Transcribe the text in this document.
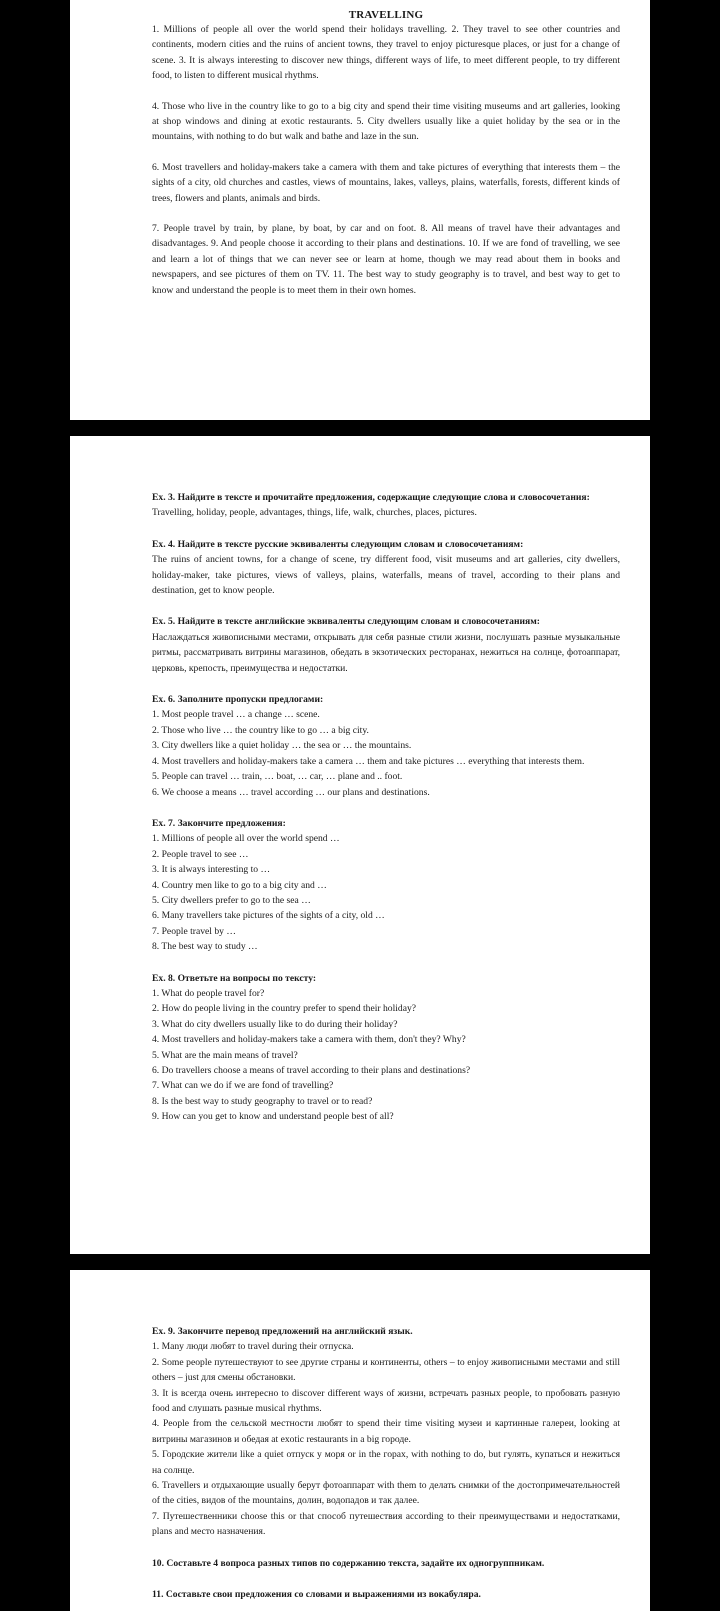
TRAVELLING

1. Millions of people all over the world spend their holidays travelling. 2. They travel to see other countries and continents, modern cities and the ruins of ancient towns, they travel to enjoy picturesque places, or just for a change of scene. 3. It is always interesting to discover new things, different ways of life, to meet different people, to try different food, to listen to different musical rhythms.

4. Those who live in the country like to go to a big city and spend their time visiting museums and art galleries, looking at shop windows and dining at exotic restaurants. 5. City dwellers usually like a quiet holiday by the sea or in the mountains, with nothing to do but walk and bathe and laze in the sun.

6. Most travellers and holiday-makers take a camera with them and take pictures of everything that interests them – the sights of a city, old churches and castles, views of mountains, lakes, valleys, plains, waterfalls, forests, different kinds of trees, flowers and plants, animals and birds.

7. People travel by train, by plane, by boat, by car and on foot. 8. All means of travel have their advantages and disadvantages. 9. And people choose it according to their plans and destinations. 10. If we are fond of travelling, we see and learn a lot of things that we can never see or learn at home, though we may read about them in books and newspapers, and see pictures of them on TV. 11. The best way to study geography is to travel, and best way to get to know and understand the people is to meet them in their own homes.

Ex. 3. Найдите в тексте и прочитайте предложения, содержащие следующие слова и словосочетания:
Travelling, holiday, people, advantages, things, life, walk, churches, places, pictures.
Ex. 4. Найдите в тексте русские эквиваленты следующим словам и словосочетаниям:
The ruins of ancient towns, for a change of scene, try different food, visit museums and art galleries, city dwellers, holiday-maker, take pictures, views of valleys, plains, waterfalls, means of travel, according to their plans and destination, get to know people.
Ex. 5. Найдите в тексте английские эквиваленты следующим словам и словосочетаниям:
Наслаждаться живописными местами, открывать для себя разные стили жизни, послушать разные музыкальные ритмы, рассматривать витрины магазинов, обедать в экзотических ресторанах, нежиться на солнце, фотоаппарат, церковь, крепость, преимущества и недостатки.
Ex. 6. Заполните пропуски предлогами:
1. Most people travel … a change … scene.
2. Those who live … the country like to go … a big city.
3. City dwellers like a quiet holiday … the sea or … the mountains.
4. Most travellers and holiday-makers take a camera … them and take pictures … everything that interests them.
5. People can travel … train, … boat, … car, … plane and .. foot.
6. We choose a means … travel according … our plans and destinations.
Ex. 7. Закончите предложения:
1. Millions of people all over the world spend …
2. People travel to see …
3. It is always interesting to …
4. Country men like to go to a big city and …
5. City dwellers prefer to go to the sea …
6. Many travellers take pictures of the sights of a city, old …
7. People travel by …
8. The best way to study …
Ex. 8. Ответьте на вопросы по тексту:
1. What do people travel for?
2. How do people living in the country prefer to spend their holiday?
3. What do city dwellers usually like to do during their holiday?
4. Most travellers and holiday-makers take a camera with them, don't they? Why?
5. What are the main means of travel?
6. Do travellers choose a means of travel according to their plans and destinations?
7. What can we do if we are fond of travelling?
8. Is the best way to study geography to travel or to read?
9. How can you get to know and understand people best of all?
Ex. 9. Закончите перевод предложений на английский язык.
1. Many люди любят to travel during their отпуска.
2. Some people путешествуют to see другие страны и континенты, others – to enjoy живописными местами and still others – just для смены обстановки.
3. It is всегда очень интересно to discover different ways of жизни, встречать разных people, to пробовать разную food and слушать разные musical rhythms.
4. People from the сельской местности любят to spend their time visiting музеи и картинные галереи, looking at витрины магазинов и обедая at exotic restaurants in a big городе.
5. Городские жители like a quiet отпуск у моря or in the горах, with nothing to do, but гулять, купаться и нежиться на солнце.
6. Travellers и отдыхающие usually берут фотоаппарат with them to делать снимки of the достопримечательностей of the cities, видов of the mountains, долин, водопадов и так далее.
7. Путешественники choose this or that способ путешествия according to their преимуществами и недостатками, plans and место назначения.
10. Составьте 4 вопроса разных типов по содержанию текста, задайте их одногруппникам.
11. Составьте свои предложения со словами и выражениями из вокабуляра.
